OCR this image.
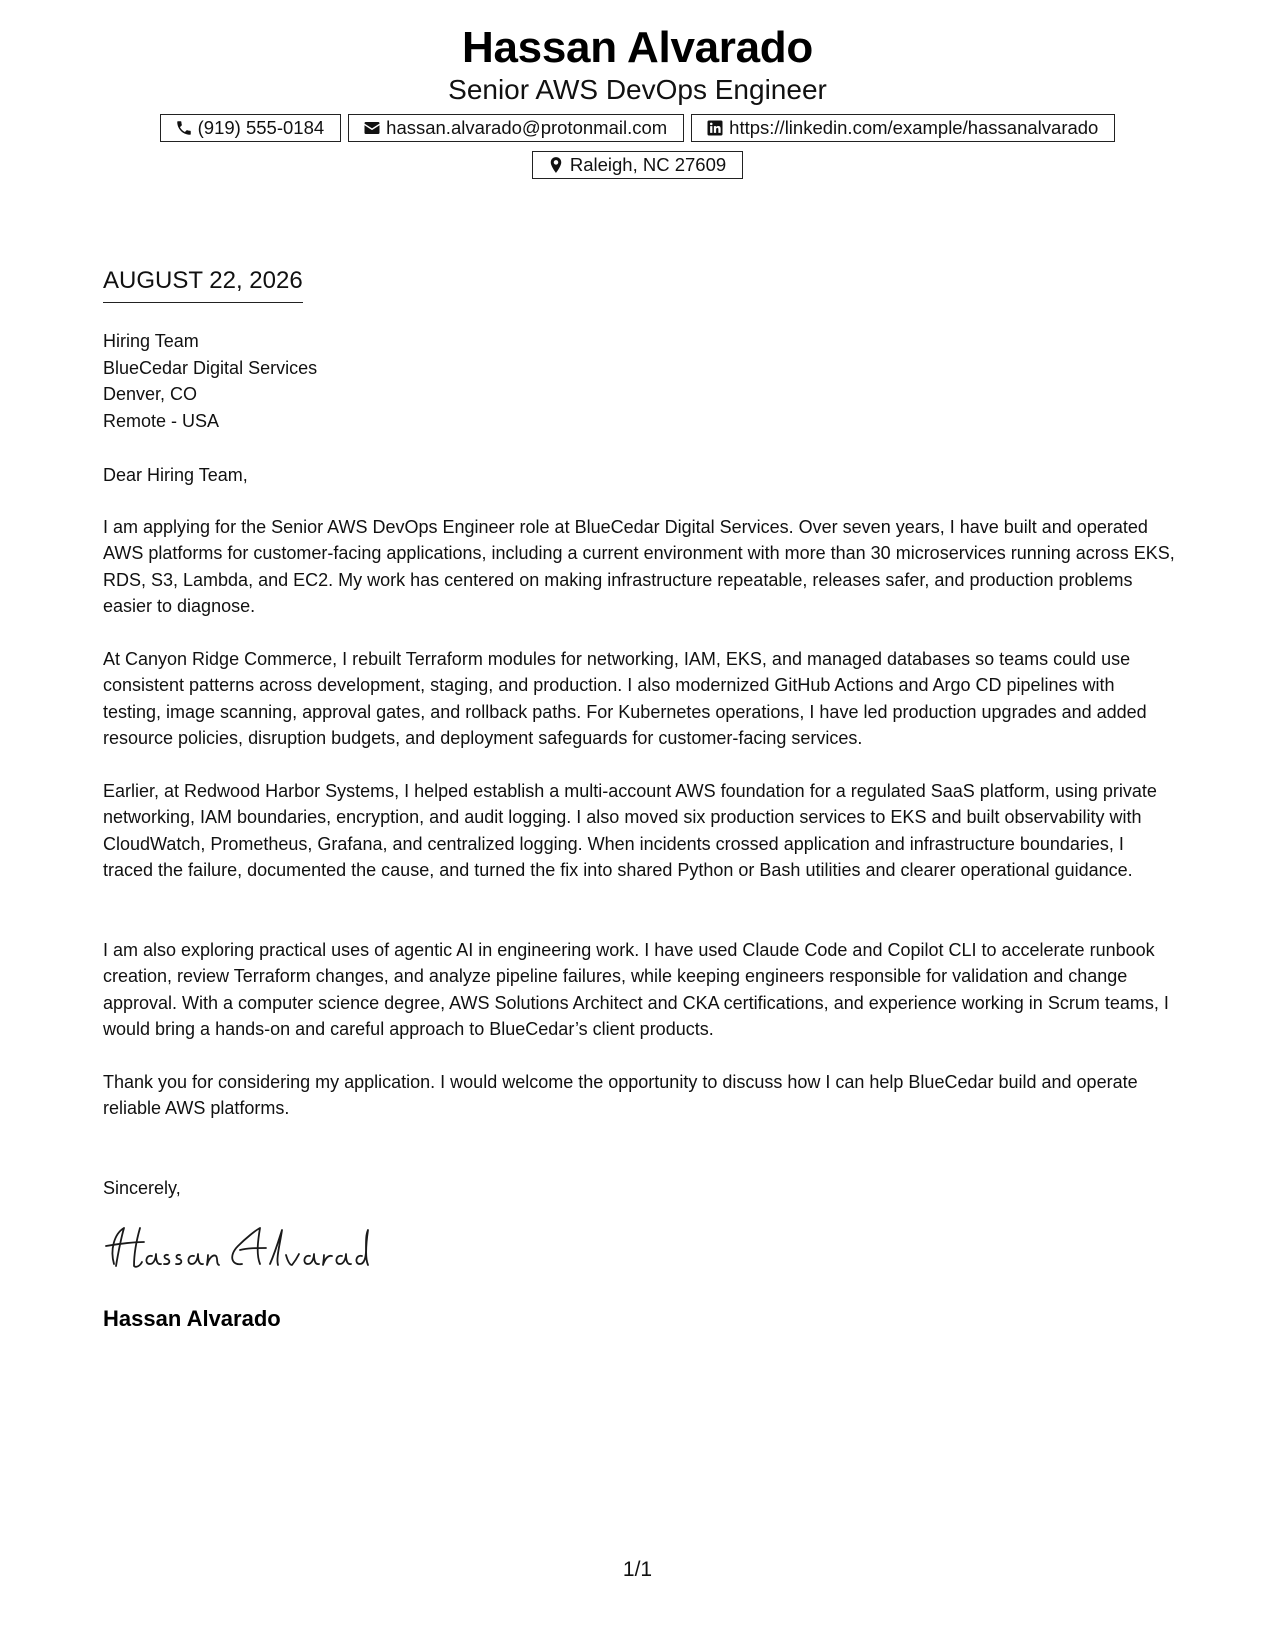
Hassan Alvarado
Senior AWS DevOps Engineer
(919) 555-0184	hassan.alvarado@protonmail.com	https://linkedin.com/example/hassanalvarado
Raleigh, NC 27609
AUGUST 22, 2026
Hiring Team
BlueCedar Digital Services
Denver, CO
Remote - USA
Dear Hiring Team,

I am applying for the Senior AWS DevOps Engineer role at BlueCedar Digital Services. Over seven years, I have built and operated AWS platforms for customer-facing applications, including a current environment with more than 30 microservices running across EKS, RDS, S3, Lambda, and EC2. My work has centered on making infrastructure repeatable, releases safer, and production problems easier to diagnose.

At Canyon Ridge Commerce, I rebuilt Terraform modules for networking, IAM, EKS, and managed databases so teams could use consistent patterns across development, staging, and production. I also modernized GitHub Actions and Argo CD pipelines with testing, image scanning, approval gates, and rollback paths. For Kubernetes operations, I have led production upgrades and added resource policies, disruption budgets, and deployment safeguards for customer-facing services.

Earlier, at Redwood Harbor Systems, I helped establish a multi-account AWS foundation for a regulated SaaS platform, using private networking, IAM boundaries, encryption, and audit logging. I also moved six production services to EKS and built observability with CloudWatch, Prometheus, Grafana, and centralized logging. When incidents crossed application and infrastructure boundaries, I traced the failure, documented the cause, and turned the fix into shared Python or Bash utilities and clearer operational guidance.

I am also exploring practical uses of agentic AI in engineering work. I have used Claude Code and Copilot CLI to accelerate runbook creation, review Terraform changes, and analyze pipeline failures, while keeping engineers responsible for validation and change approval. With a computer science degree, AWS Solutions Architect and CKA certifications, and experience working in Scrum teams, I would bring a hands-on and careful approach to BlueCedar’s client products.

Thank you for considering my application. I would welcome the opportunity to discuss how I can help BlueCedar build and operate reliable AWS platforms.

Sincerely,
Hassan Alvarado
1/1
